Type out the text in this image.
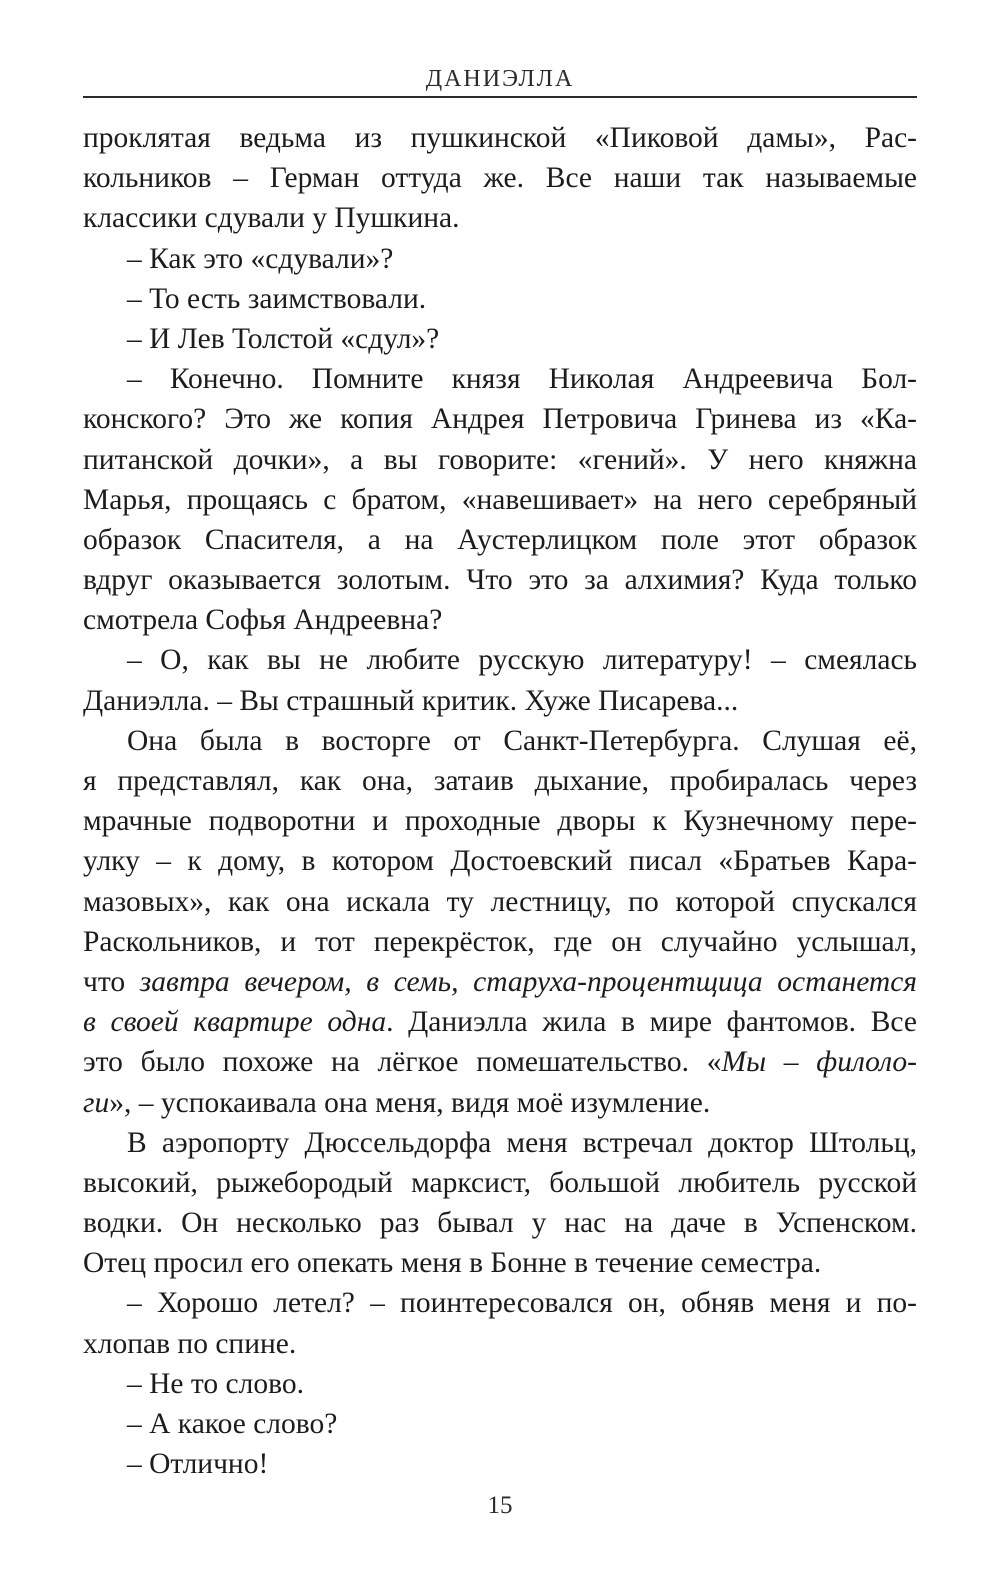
ДАНИЭЛЛА
проклятая ведьма из пушкинской «Пиковой дамы», Рас-
кольников – Герман оттуда же. Все наши так называемые
классики сдували у Пушкина.
– Как это «сдували»?
– То есть заимствовали.
– И Лев Толстой «сдул»?
– Конечно. Помните князя Николая Андреевича Бол-
конского? Это же копия Андрея Петровича Гринева из «Ка-
питанской дочки», а вы говорите: «гений». У него княжна
Марья, прощаясь с братом, «навешивает» на него серебряный
образок Спасителя, а на Аустерлицком поле этот образок
вдруг оказывается золотым. Что это за алхимия? Куда только
смотрела Софья Андреевна?
– О, как вы не любите русскую литературу! – смеялась
Даниэлла. – Вы страшный критик. Хуже Писарева...
Она была в восторге от Санкт-Петербурга. Слушая её,
я представлял, как она, затаив дыхание, пробиралась через
мрачные подворотни и проходные дворы к Кузнечному пере-
улку – к дому, в котором Достоевский писал «Братьев Кара-
мазовых», как она искала ту лестницу, по которой спускался
Раскольников, и тот перекрёсток, где он случайно услышал,
что завтра вечером, в семь, старуха-процентщица останется
в своей квартире одна. Даниэлла жила в мире фантомов. Все
это было похоже на лёгкое помешательство. «Мы – филоло-
ги», – успокаивала она меня, видя моё изумление.
В аэропорту Дюссельдорфа меня встречал доктор Штольц,
высокий, рыжебородый марксист, большой любитель русской
водки. Он несколько раз бывал у нас на даче в Успенском.
Отец просил его опекать меня в Бонне в течение семестра.
– Хорошо летел? – поинтересовался он, обняв меня и по-
хлопав по спине.
– Не то слово.
– А какое слово?
– Отлично!
15
